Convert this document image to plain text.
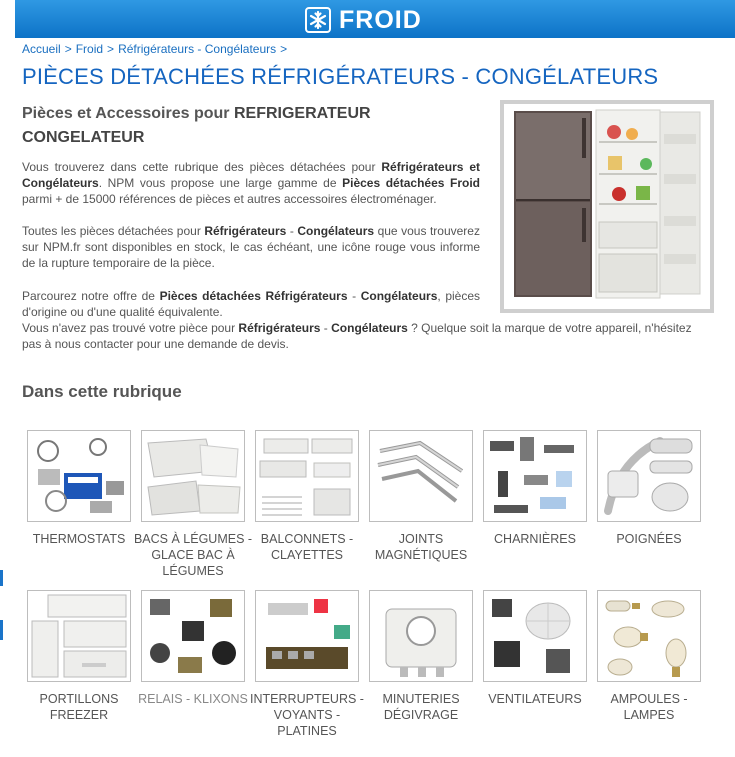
FROID
Accueil > Froid > Réfrigérateurs - Congélateurs >
PIÈCES DÉTACHÉES RÉFRIGÉRATEURS - CONGÉLATEURS
Pièces et Accessoires pour REFRIGERATEUR CONGELATEUR
Vous trouverez dans cette rubrique des pièces détachées pour Réfrigérateurs et Congélateurs. NPM vous propose une large gamme de Pièces détachées Froid parmi + de 15000 références de pièces et autres accessoires électroménager.
Toutes les pièces détachées pour Réfrigérateurs - Congélateurs que vous trouverez sur NPM.fr sont disponibles en stock, le cas échéant, une icône rouge vous informe de la rupture temporaire de la pièce.
Parcourez notre offre de Pièces détachées Réfrigérateurs - Congélateurs, pièces d'origine ou d'une qualité équivalente.
Vous n'avez pas trouvé votre pièce pour Réfrigérateurs - Congélateurs ? Quelque soit la marque de votre appareil, n'hésitez pas à nous contacter pour une demande de devis.
Dans cette rubrique
THERMOSTATS BACS À LÉGUMES - GLACE BAC À LÉGUMES
BALCONNETS - CLAYETTES
JOINTS MAGNÉTIQUES
CHARNIÈRES	POIGNÉES
PORTILLONS FREEZER
RELAIS - KLIXONS INTERRUPTEURS - VOYANTS - PLATINES
MINUTERIES DÉGIVRAGE
VENTILATEURS	AMPOULES - LAMPES
